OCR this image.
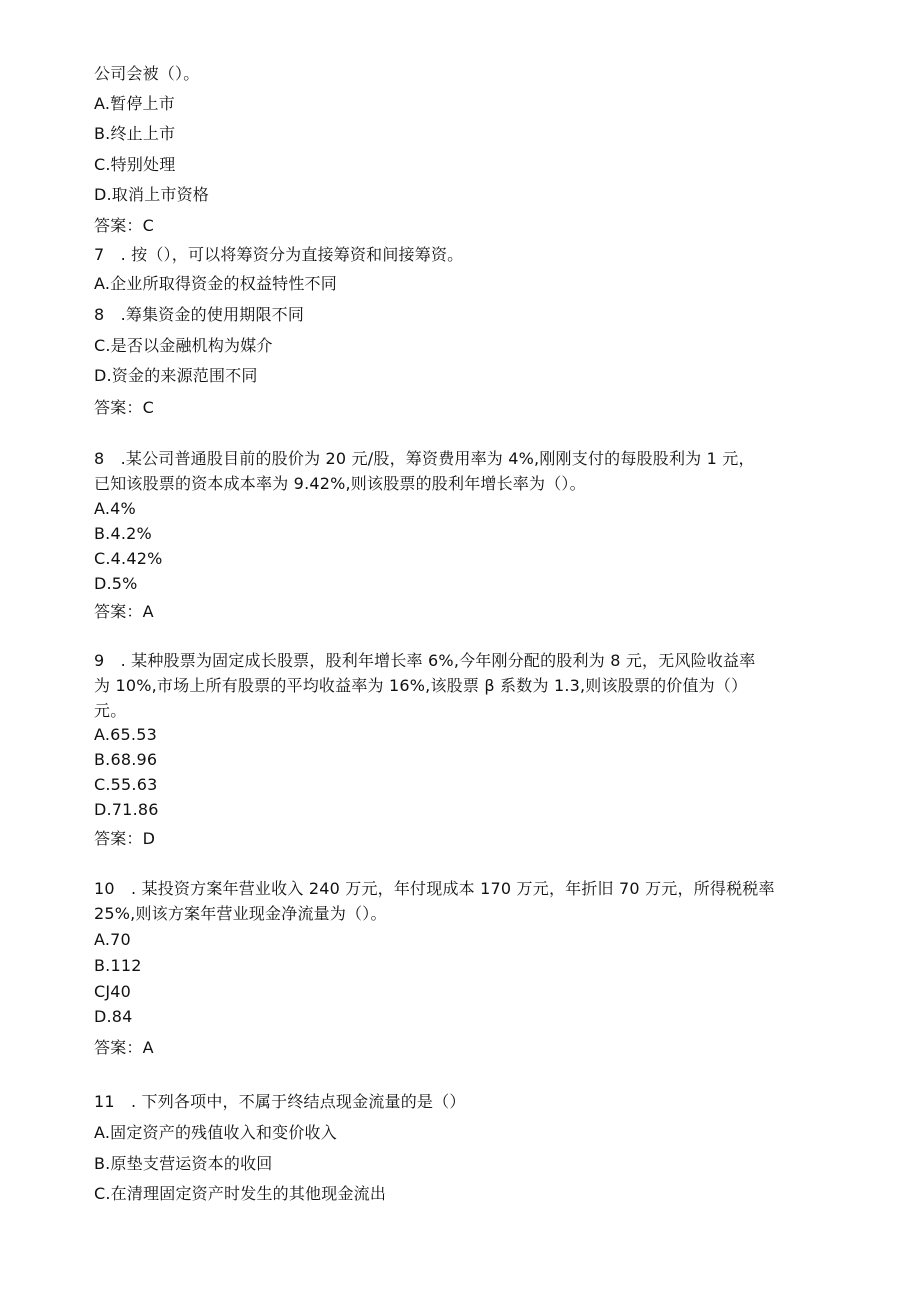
公司会被（）。
A.暂停上市
B.终止上市
C.特别处理
D.取消上市资格
答案：C
7　. 按（），可以将筹资分为直接筹资和间接筹资。
A.企业所取得资金的权益特性不同
8　.筹集资金的使用期限不同
C.是否以金融机构为媒介
D.资金的来源范围不同
答案：C
8　.某公司普通股目前的股价为 20 元/股，筹资费用率为 4%,刚刚支付的每股股利为 1 元，
已知该股票的资本成本率为 9.42%,则该股票的股利年增长率为（）。
A.4%
B.4.2%
C.4.42%
D.5%
答案：A
9　. 某种股票为固定成长股票，股利年增长率 6%,今年刚分配的股利为 8 元，无风险收益率
为 10%,市场上所有股票的平均收益率为 16%,该股票 β 系数为 1.3,则该股票的价值为（）
元。
A.65.53
B.68.96
C.55.63
D.71.86
答案：D
10　. 某投资方案年营业收入 240 万元，年付现成本 170 万元，年折旧 70 万元，所得税税率
25%,则该方案年营业现金净流量为（）。
A.70
B.112
CJ40
D.84
答案：A
11　. 下列各项中，不属于终结点现金流量的是（）
A.固定资产的残值收入和变价收入
B.原垫支营运资本的收回
C.在清理固定资产时发生的其他现金流出
